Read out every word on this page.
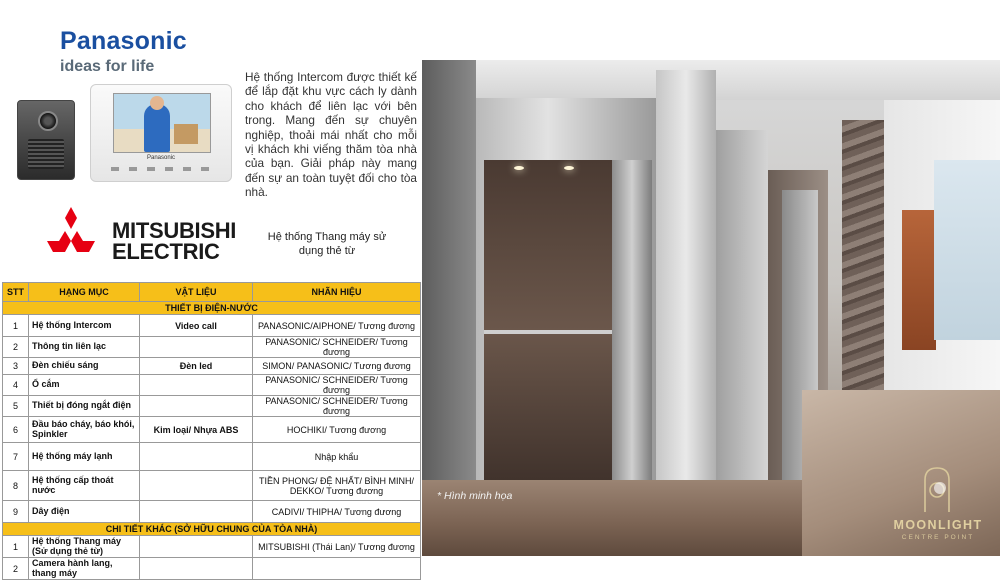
Panasonic
ideas for life
Panasonic

Hệ thống Intercom được thiết kế để lắp đặt khu vực cách ly dành cho khách để liên lạc với bên trong. Mang đến sự chuyên nghiệp, thoải mái nhất cho mỗi vị khách khi viếng thăm tòa nhà của bạn. Giải pháp này mang đến sự an toàn tuyệt đối cho tòa nhà.

MITSUBISHI
ELECTRIC

Hệ thống Thang máy sử dụng thẻ từ

STT	HẠNG MỤC	VẬT LIỆU	NHÃN HIỆU
THIẾT BỊ ĐIỆN-NƯỚC			
1	Hệ thống Intercom	Video call	PANASONIC/AIPHONE/ Tương đương
2	Thông tin liên lạc		PANASONIC/ SCHNEIDER/ Tương đương
3	Đèn chiếu sáng	Đèn led	SIMON/ PANASONIC/ Tương đương
4	Ổ cắm		PANASONIC/ SCHNEIDER/ Tương đương
5	Thiết bị đóng ngắt điện		PANASONIC/ SCHNEIDER/ Tương đương
6	Đầu báo cháy, báo khói, Spinkler	Kim loại/ Nhựa ABS	HOCHIKI/ Tương đương
7	Hệ thống máy lạnh		Nhập khẩu
8	Hệ thống cấp thoát nước		TIỀN PHONG/ ĐỆ NHẤT/ BÌNH MINH/ DEKKO/ Tương đương
9	Dây điện		CADIVI/ THIPHA/ Tương đương
CHI TIẾT KHÁC (SỞ HỮU CHUNG CỦA TÒA NHÀ)			
1	Hệ thống Thang máy (Sử dụng thẻ từ)		MITSUBISHI (Thái Lan)/ Tương đương
2	Camera hành lang, thang máy		
* Hình minh họa
MOONLIGHT
CENTRE POINT
